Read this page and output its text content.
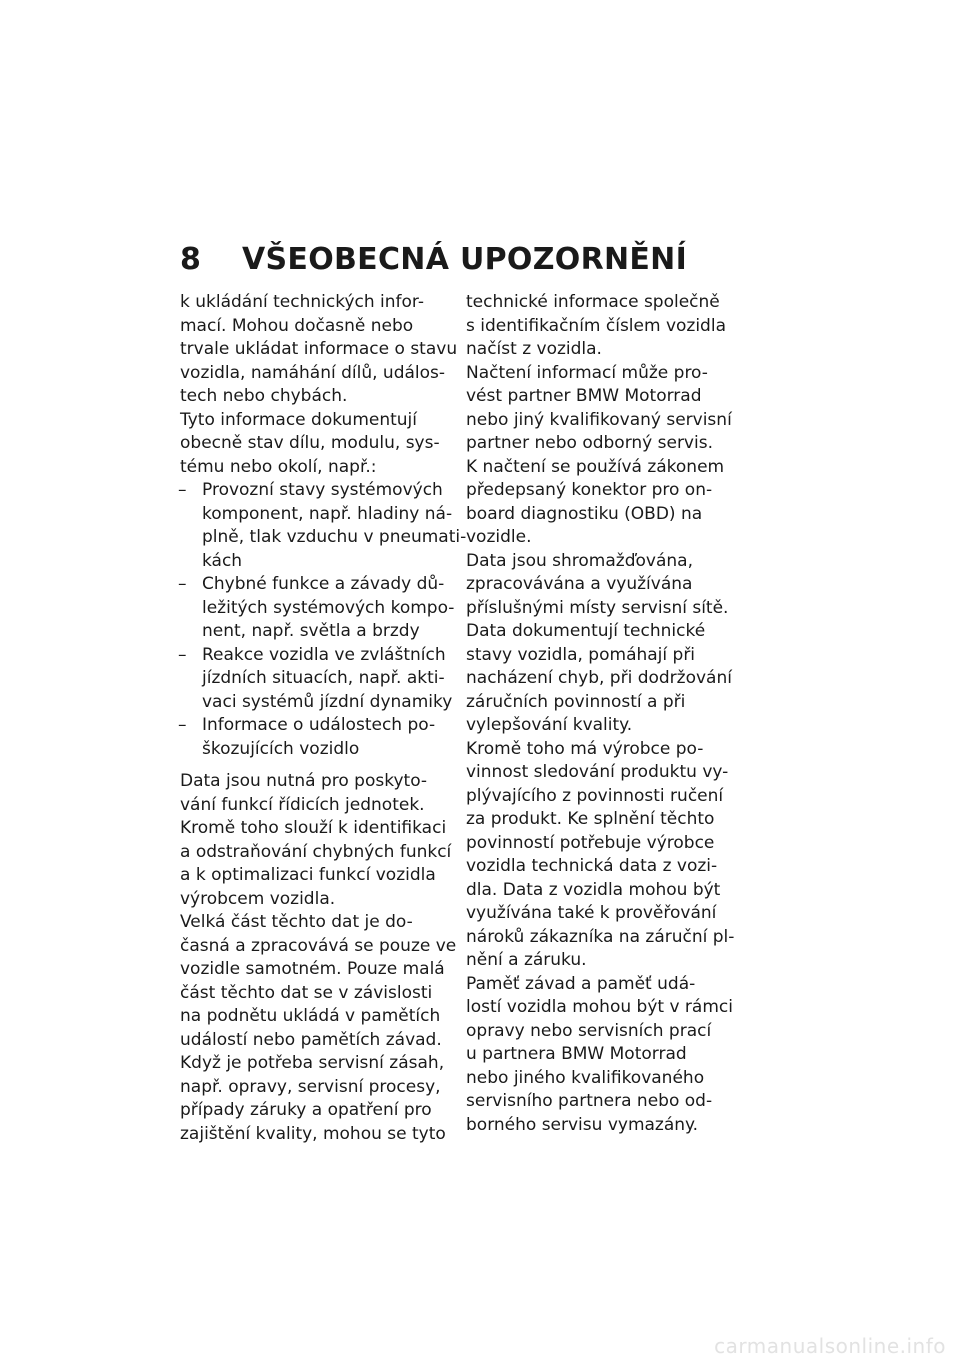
8 VŠEOBECNÁ UPOZORNĚNÍ
k ukládání technických infor-
mací. Mohou dočasně nebo
trvale ukládat informace o stavu
vozidla, namáhání dílů, událos-
tech nebo chybách.
Tyto informace dokumentují
obecně stav dílu, modulu, sys-
tému nebo okolí, např.:
– Provozní stavy systémových
komponent, např. hladiny ná-
plně, tlak vzduchu v pneumati-
kách
– Chybné funkce a závady dů-
ležitých systémových kompo-
nent, např. světla a brzdy
– Reakce vozidla ve zvláštních
jízdních situacích, např. akti-
vaci systémů jízdní dynamiky
– Informace o událostech po-
škozujících vozidlo
Data jsou nutná pro poskyto-
vání funkcí řídicích jednotek.
Kromě toho slouží k identifikaci
a odstraňování chybných funkcí
a k optimalizaci funkcí vozidla
výrobcem vozidla.
Velká část těchto dat je do-
časná a zpracovává se pouze ve
vozidle samotném. Pouze malá
část těchto dat se v závislosti
na podnětu ukládá v pamětích
událostí nebo pamětích závad.
Když je potřeba servisní zásah,
např. opravy, servisní procesy,
případy záruky a opatření pro
zajištění kvality, mohou se tyto
technické informace společně
s identifikačním číslem vozidla
načíst z vozidla.
Načtení informací může pro-
vést partner BMW Motorrad
nebo jiný kvalifikovaný servisní
partner nebo odborný servis.
K načtení se používá zákonem
předepsaný konektor pro on-
board diagnostiku (OBD) na
vozidle.
Data jsou shromažďována,
zpracovávána a využívána
příslušnými místy servisní sítě.
Data dokumentují technické
stavy vozidla, pomáhají při
nacházení chyb, při dodržování
záručních povinností a při
vylepšování kvality.
Kromě toho má výrobce po-
vinnost sledování produktu vy-
plývajícího z povinnosti ručení
za produkt. Ke splnění těchto
povinností potřebuje výrobce
vozidla technická data z vozi-
dla. Data z vozidla mohou být
využívána také k prověřování
nároků zákazníka na záruční pl-
nění a záruku.
Paměť závad a paměť udá-
lostí vozidla mohou být v rámci
opravy nebo servisních prací
u partnera BMW Motorrad
nebo jiného kvalifikovaného
servisního partnera nebo od-
borného servisu vymazány.
carmanualsonline.info
